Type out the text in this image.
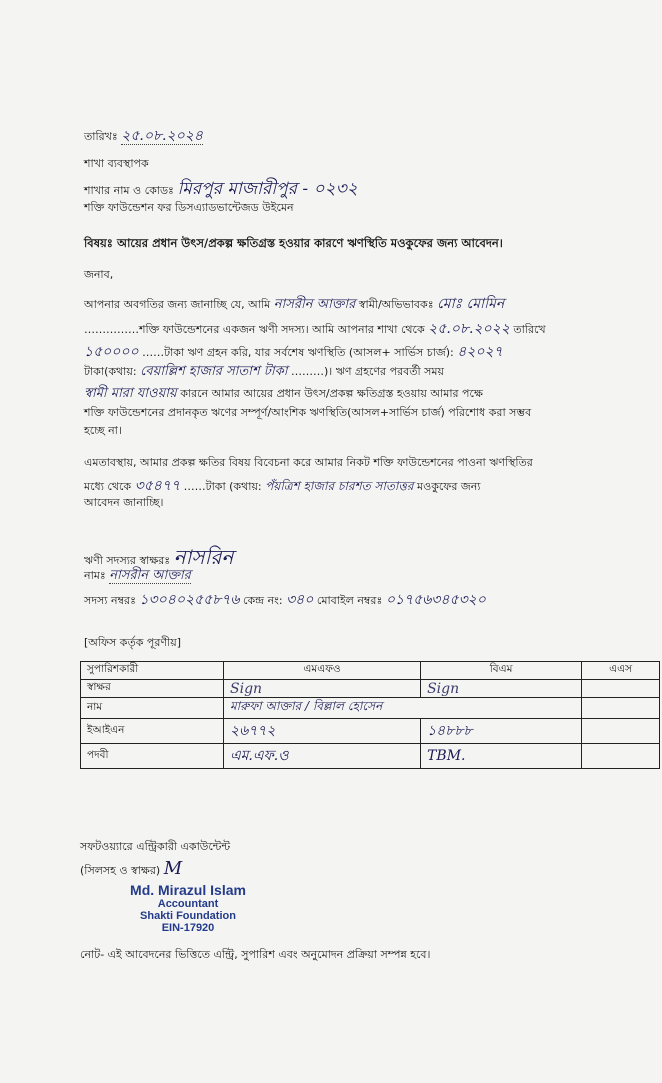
তারিখঃ ২৫.০৮.২০২৪
শাখা ব্যবস্থাপক
শাখার নাম ও কোডঃ মিরপুর মাজারীপুর - ০২৩২
শক্তি ফাউন্ডেশন ফর ডিসএ্যাডভান্টেজড উইমেন
বিষয়ঃ আয়ের প্রধান উৎস/প্রকল্প ক্ষতিগ্রস্ত হওয়ার কারণে ঋণস্থিতি মওকুফের জন্য আবেদন।
জনাব,
আপনার অবগতির জন্য জানাচ্ছি যে, আমি নাসরীন আক্তার স্বামী/অভিভাবকঃ মোঃ মোমিন
……………শক্তি ফাউন্ডেশনের একজন ঋণী সদস্য। আমি আপনার শাখা থেকে ২৫.০৮.২০২২ তারিখে
১৫০০০০ ……টাকা ঋণ গ্রহন করি, যার সর্বশেষ ঋণস্থিতি (আসল+ সার্ভিস চার্জ): ৪২০২৭
টাকা(কথায়: বেয়াল্লিশ হাজার সাতাশ টাকা ………)। ঋণ গ্রহণের পরবর্তী সময়
স্বামী মারা যাওয়ায় কারনে আমার আয়ের প্রধান উৎস/প্রকল্প ক্ষতিগ্রস্ত হওয়ায় আমার পক্ষে
শক্তি ফাউন্ডেশনের প্রদানকৃত ঋণের সম্পূর্ণ/আংশিক ঋণস্থিতি(আসল+সার্ভিস চার্জ) পরিশোধ করা সম্ভব
হচ্ছে না।
এমতাবস্থায়, আমার প্রকল্প ক্ষতির বিষয় বিবেচনা করে আমার নিকট শক্তি ফাউন্ডেশনের পাওনা ঋণস্থিতির
মধ্যে থেকে ৩৫৪৭৭ ……টাকা (কথায়: পঁয়ত্রিশ হাজার চারশত সাতাত্তর মওকুফের জন্য
আবেদন জানাচ্ছি।
ঋণী সদস্যর স্বাক্ষরঃ নাসরিন
নামঃ নাসরীন আক্তার
সদস্য নম্বরঃ ১৩০৪০২৫৫৮৭৬ কেন্দ্র নং: ৩৪০ মোবাইল নম্বরঃ ০১৭৫৬৩৪৫৩২০
[অফিস কর্তৃক পূরণীয়]
সুপারিশকারী	এমএফও	বিএম	এএস
স্বাক্ষর	Sign	Sign	
নাম	মারুফা আক্তার / বিল্লাল হোসেন		
ইআইএন	২৬৭৭২	১৪৮৮৮	
পদবী	এম.এফ.ও	TBM.	
সফটওয়্যারে এন্ট্রিকারী একাউন্টেন্ট
(সিলসহ ও স্বাক্ষর) M
Md. Mirazul Islam
Accountant
Shakti Foundation
EIN-17920
নোট- এই আবেদনের ভিত্তিতে এন্ট্রি, সুপারিশ এবং অনুমোদন প্রক্রিয়া সম্পন্ন হবে।
